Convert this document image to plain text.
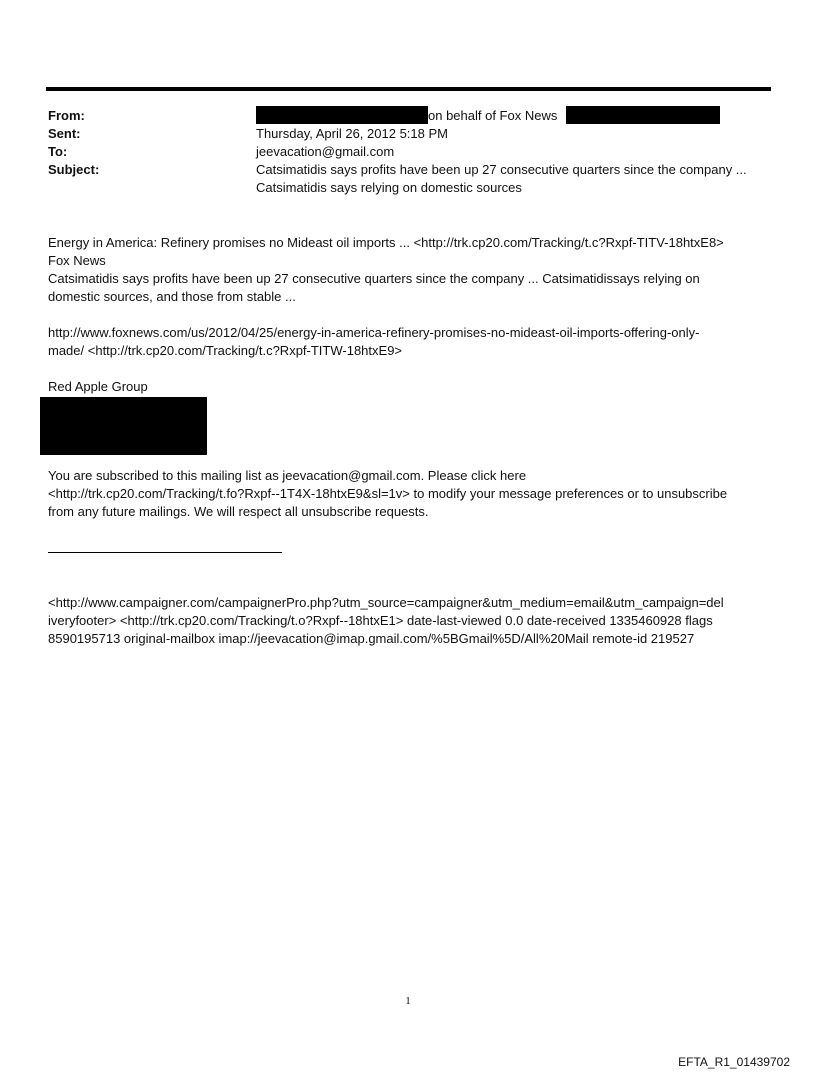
From:	on behalf of Fox News
Sent:	Thursday, April 26, 2012 5:18 PM
To:	jeevacation@gmail.com
Subject:	Catsimatidis says profits have been up 27 consecutive quarters since the company ...
Catsimatidis says relying on domestic sources
Energy in America: Refinery promises no Mideast oil imports ... <http://trk.cp20.com/Tracking/t.c?Rxpf-TITV-18htxE8>
Fox News
Catsimatidis says profits have been up 27 consecutive quarters since the company ... Catsimatidissays relying on
domestic sources, and those from stable ...
http://www.foxnews.com/us/2012/04/25/energy-in-america-refinery-promises-no-mideast-oil-imports-offering-only-
made/ <http://trk.cp20.com/Tracking/t.c?Rxpf-TITW-18htxE9>
Red Apple Group
You are subscribed to this mailing list as jeevacation@gmail.com. Please click here
<http://trk.cp20.com/Tracking/t.fo?Rxpf--1T4X-18htxE9&sl=1v> to modify your message preferences or to unsubscribe
from any future mailings. We will respect all unsubscribe requests.
<http://www.campaigner.com/campaignerPro.php?utm_source=campaigner&utm_medium=email&utm_campaign=del
iveryfooter> <http://trk.cp20.com/Tracking/t.o?Rxpf--18htxE1> date-last-viewed 0.0 date-received 1335460928 flags
8590195713 original-mailbox imap://jeevacation@imap.gmail.com/%5BGmail%5D/All%20Mail remote-id 219527
1
EFTA_R1_01439702
